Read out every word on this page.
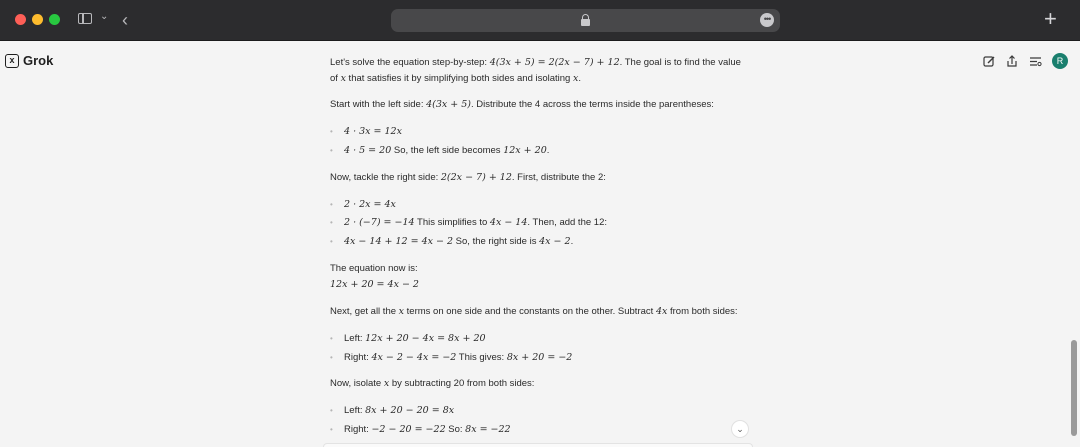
⌄ ‹	•••	+
x Grok	R
Let's solve the equation step-by-step: 4(3x + 5) = 2(2x − 7) + 12. The goal is to find the value
of x that satisfies it by simplifying both sides and isolating x.
Start with the left side: 4(3x + 5). Distribute the 4 across the terms inside the parentheses:
• 4 · 3x = 12x
• 4 · 5 = 20 So, the left side becomes 12x + 20.
Now, tackle the right side: 2(2x − 7) + 12. First, distribute the 2:
• 2 · 2x = 4x
• 2 · (−7) = −14 This simplifies to 4x − 14. Then, add the 12:
• 4x − 14 + 12 = 4x − 2 So, the right side is 4x − 2.
The equation now is:
12x + 20 = 4x − 2
Next, get all the x terms on one side and the constants on the other. Subtract 4x from both sides:
• Left: 12x + 20 − 4x = 8x + 20
• Right: 4x − 2 − 4x = −2 This gives: 8x + 20 = −2
Now, isolate x by subtracting 20 from both sides:
• Left: 8x + 20 − 20 = 8x
• Right: −2 − 20 = −22 So: 8x = −22	⌄
